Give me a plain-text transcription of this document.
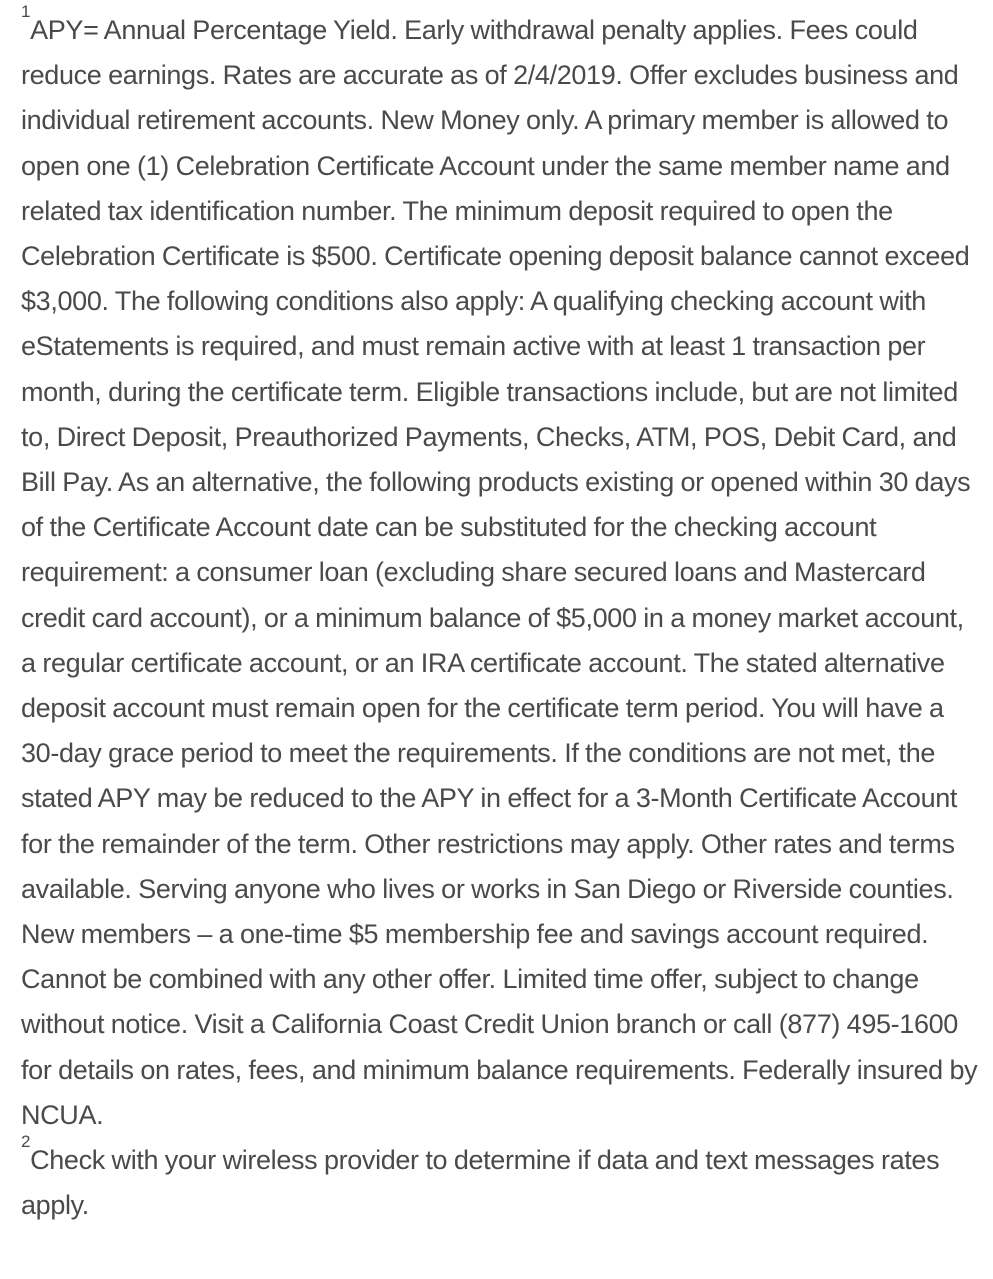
$^1$APY= Annual Percentage Yield. Early withdrawal penalty applies. Fees could reduce earnings. Rates are accurate as of 2/4/2019. Offer excludes business and individual retirement accounts. New Money only. A primary member is allowed to open one (1) Celebration Certificate Account under the same member name and related tax identification number. The minimum deposit required to open the Celebration Certificate is $500. Certificate opening deposit balance cannot exceed $3,000. The following conditions also apply: A qualifying checking account with eStatements is required, and must remain active with at least 1 transaction per month, during the certificate term. Eligible transactions include, but are not limited to, Direct Deposit, Preauthorized Payments, Checks, ATM, POS, Debit Card, and Bill Pay. As an alternative, the following products existing or opened within 30 days of the Certificate Account date can be substituted for the checking account requirement: a consumer loan (excluding share secured loans and Mastercard credit card account), or a minimum balance of $5,000 in a money market account, a regular certificate account, or an IRA certificate account. The stated alternative deposit account must remain open for the certificate term period. You will have a 30-day grace period to meet the requirements. If the conditions are not met, the stated APY may be reduced to the APY in effect for a 3-Month Certificate Account for the remainder of the term. Other restrictions may apply. Other rates and terms available. Serving anyone who lives or works in San Diego or Riverside counties. New members – a one-time $5 membership fee and savings account required. Cannot be combined with any other offer. Limited time offer, subject to change without notice. Visit a California Coast Credit Union branch or call (877) 495-1600 for details on rates, fees, and minimum balance requirements. Federally insured by NCUA.

$^2$Check with your wireless provider to determine if data and text messages rates apply.
